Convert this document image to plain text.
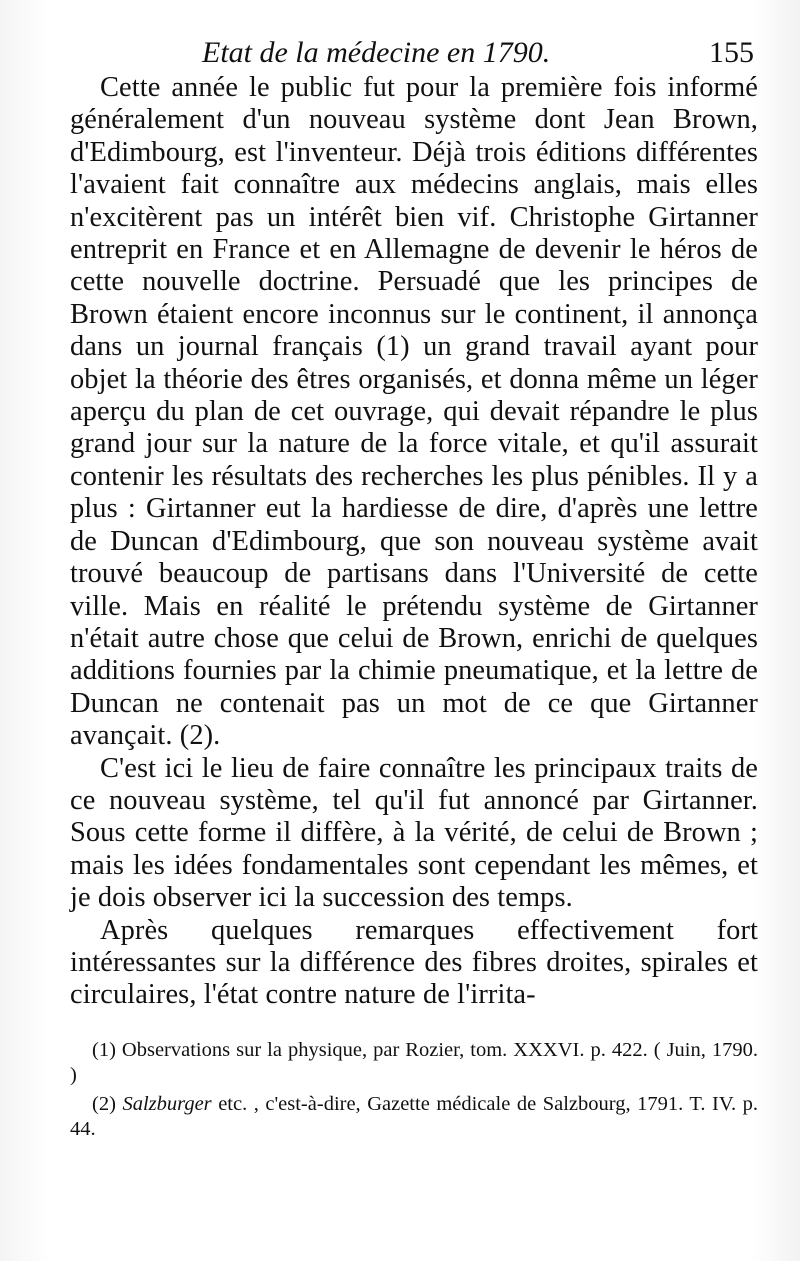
Etat de la médecine en 1790.	155

Cette année le public fut pour la première fois informé généralement d'un nouveau système dont Jean Brown, d'Edimbourg, est l'inventeur. Déjà trois éditions différentes l'avaient fait connaître aux médecins anglais, mais elles n'excitèrent pas un intérêt bien vif. Christophe Girtanner entreprit en France et en Allemagne de devenir le héros de cette nouvelle doctrine. Persuadé que les principes de Brown étaient encore inconnus sur le continent, il annonça dans un journal français (1) un grand travail ayant pour objet la théorie des êtres organisés, et donna même un léger aperçu du plan de cet ouvrage, qui devait répandre le plus grand jour sur la nature de la force vitale, et qu'il assurait contenir les résultats des recherches les plus pénibles. Il y a plus : Girtanner eut la hardiesse de dire, d'après une lettre de Duncan d'Edimbourg, que son nouveau système avait trouvé beaucoup de partisans dans l'Université de cette ville. Mais en réalité le prétendu système de Girtanner n'était autre chose que celui de Brown, enrichi de quelques additions fournies par la chimie pneumatique, et la lettre de Duncan ne contenait pas un mot de ce que Girtanner avançait. (2).

C'est ici le lieu de faire connaître les principaux traits de ce nouveau système, tel qu'il fut annoncé par Girtanner. Sous cette forme il diffère, à la vérité, de celui de Brown ; mais les idées fondamentales sont cependant les mêmes, et je dois observer ici la succession des temps.

Après quelques remarques effectivement fort intéressantes sur la différence des fibres droites, spirales et circulaires, l'état contre nature de l'irrita-

(1) Observations sur la physique, par Rozier, tom. XXXVI. p. 422. ( Juin, 1790. )

(2) Salzburger etc. , c'est-à-dire, Gazette médicale de Salzbourg, 1791. T. IV. p. 44.
